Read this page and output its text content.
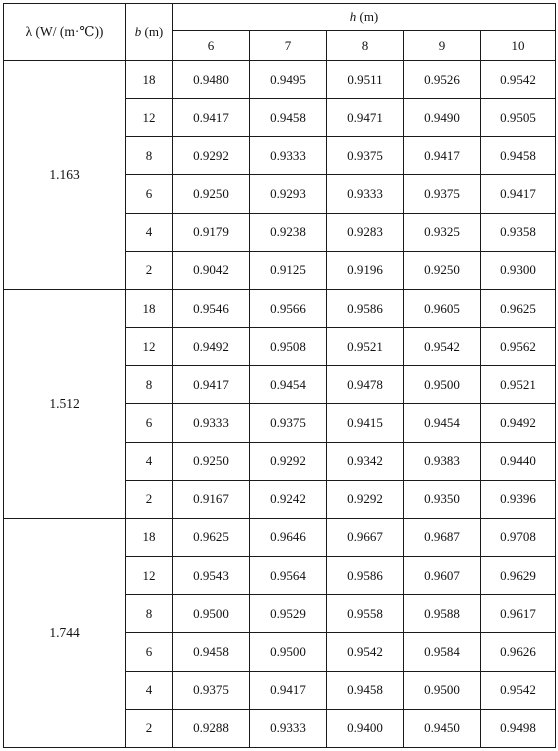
λ (W/ (m·℃))	b (m)	h (m)				
		6	7	8	9	10
1.163	18	0.9480	0.9495	0.9511	0.9526	0.9542
	12	0.9417	0.9458	0.9471	0.9490	0.9505
	8	0.9292	0.9333	0.9375	0.9417	0.9458
	6	0.9250	0.9293	0.9333	0.9375	0.9417
	4	0.9179	0.9238	0.9283	0.9325	0.9358
	2	0.9042	0.9125	0.9196	0.9250	0.9300
1.512	18	0.9546	0.9566	0.9586	0.9605	0.9625
	12	0.9492	0.9508	0.9521	0.9542	0.9562
	8	0.9417	0.9454	0.9478	0.9500	0.9521
	6	0.9333	0.9375	0.9415	0.9454	0.9492
	4	0.9250	0.9292	0.9342	0.9383	0.9440
	2	0.9167	0.9242	0.9292	0.9350	0.9396
1.744	18	0.9625	0.9646	0.9667	0.9687	0.9708
	12	0.9543	0.9564	0.9586	0.9607	0.9629
	8	0.9500	0.9529	0.9558	0.9588	0.9617
	6	0.9458	0.9500	0.9542	0.9584	0.9626
	4	0.9375	0.9417	0.9458	0.9500	0.9542
	2	0.9288	0.9333	0.9400	0.9450	0.9498
